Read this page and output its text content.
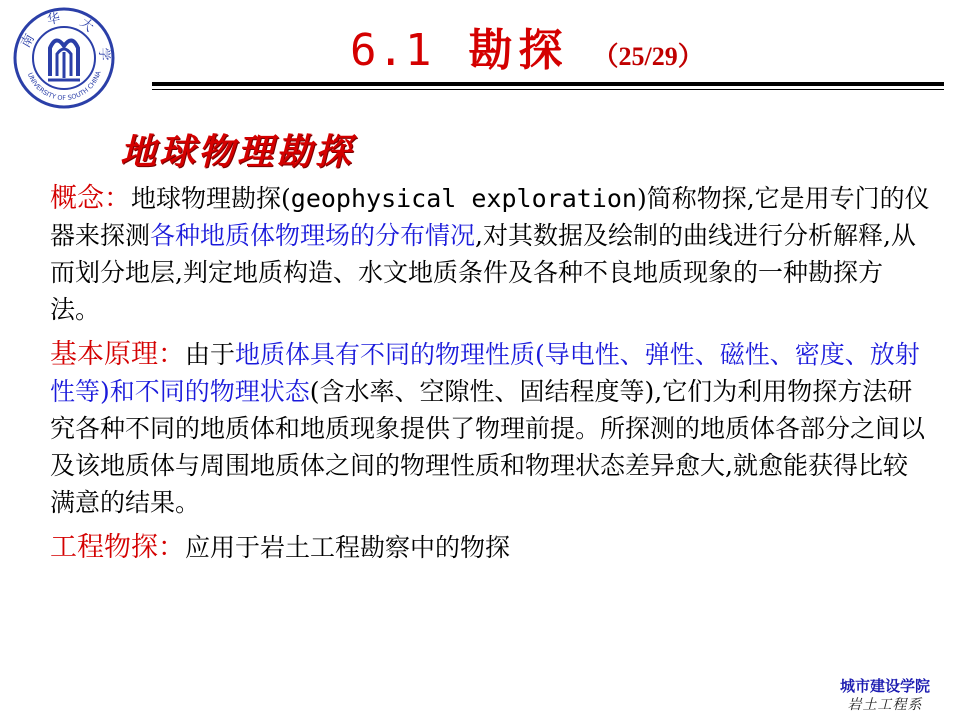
南 华 大 学
UNIVERSITY OF SOUTH CHINA	6.1 勘探 （25/29）
地球物理勘探

概念：地球物理勘探(geophysical exploration)简称物探,它是用专门的仪器来探测各种地质体物理场的分布情况,对其数据及绘制的曲线进行分析解释,从而划分地层,判定地质构造、水文地质条件及各种不良地质现象的一种勘探方法。

基本原理：由于地质体具有不同的物理性质(导电性、弹性、磁性、密度、放射性等)和不同的物理状态(含水率、空隙性、固结程度等),它们为利用物探方法研究各种不同的地质体和地质现象提供了物理前提。所探测的地质体各部分之间以及该地质体与周围地质体之间的物理性质和物理状态差异愈大,就愈能获得比较满意的结果。

工程物探：应用于岩土工程勘察中的物探

城市建设学院
岩土工程系
